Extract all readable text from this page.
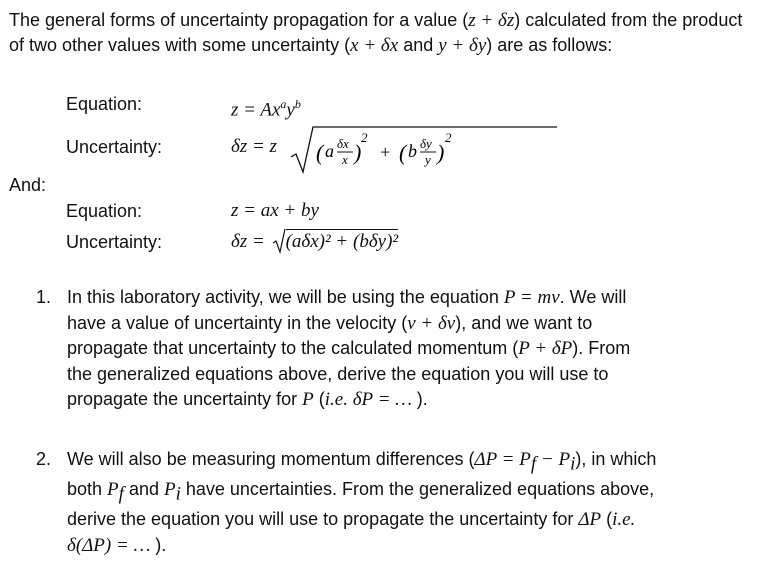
The general forms of uncertainty propagation for a value (z + δz) calculated from the product of two other values with some uncertainty (x + δx and y + δy) are as follows:
Equation:	$z = Ax^ay^b$
Uncertainty:	δz = z ( a δx
x )
2
+ ( b δy
y )
2
And:
Equation:	z = ax + by
Uncertainty:	δz = (aδx)² + (bδy)²
1. In this laboratory activity, we will be using the equation P = mv. We will
have a value of uncertainty in the velocity (v + δv), and we want to
propagate that uncertainty to the calculated momentum (P + δP). From
the generalized equations above, derive the equation you will use to
propagate the uncertainty for P (i.e. δP = … ).
2. We will also be measuring momentum differences $(\Delta P = P_f - P_i)$, in which
both $P_f$ and $P_i$ have uncertainties. From the generalized equations above,
derive the equation you will use to propagate the uncertainty for ΔP (i.e.
δ(ΔP) = … ).
